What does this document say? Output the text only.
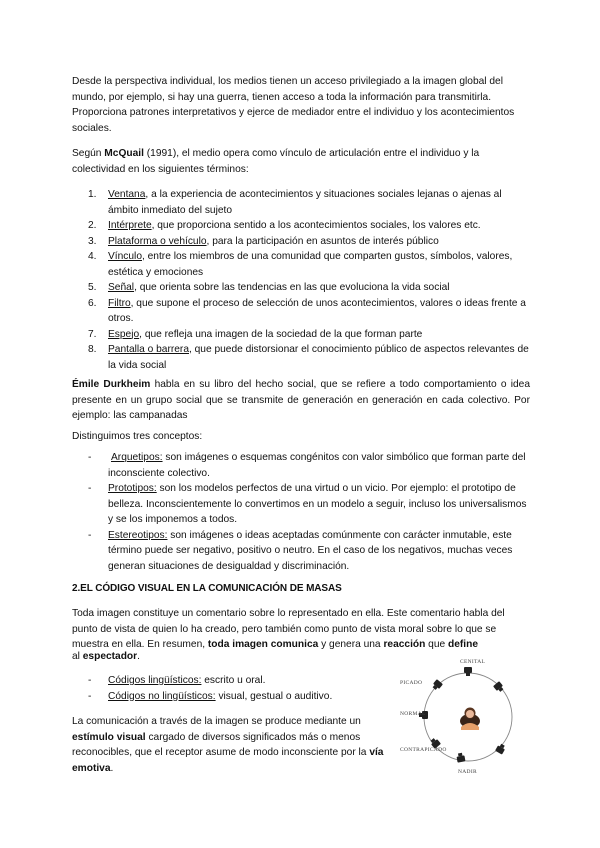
Desde la perspectiva individual, los medios tienen un acceso privilegiado a la imagen global del mundo, por ejemplo, si hay una guerra, tienen acceso a toda la información para transmitirla. Proporciona patrones interpretativos y ejerce de mediador entre el individuo y los acontecimientos sociales.

Según McQuail (1991), el medio opera como vínculo de articulación entre el individuo y la colectividad en los siguientes términos:

1.	Ventana, a la experiencia de acontecimientos y situaciones sociales lejanas o ajenas al ámbito inmediato del sujeto
2.	Intérprete, que proporciona sentido a los acontecimientos sociales, los valores etc.
3.	Plataforma o vehículo, para la participación en asuntos de interés público
4.	Vínculo, entre los miembros de una comunidad que comparten gustos, símbolos, valores, estética y emociones
5.	Señal, que orienta sobre las tendencias en las que evoluciona la vida social
6.	Filtro, que supone el proceso de selección de unos acontecimientos, valores o ideas frente a otros.
7.	Espejo, que refleja una imagen de la sociedad de la que forman parte
8.	Pantalla o barrera, que puede distorsionar el conocimiento público de aspectos relevantes de la vida social

Émile Durkheim habla en su libro del hecho social, que se refiere a todo comportamiento o idea presente en un grupo social que se transmite de generación en generación en cada colectivo. Por ejemplo: las campanadas

Distinguimos tres conceptos:

- Arquetipos: son imágenes o esquemas congénitos con valor simbólico que forman parte del inconsciente colectivo.
- Prototipos: son los modelos perfectos de una virtud o un vicio. Por ejemplo: el prototipo de belleza. Inconscientemente lo convertimos en un modelo a seguir, incluso los universalismos y se los imponemos a todos.
- Estereotipos: son imágenes o ideas aceptadas comúnmente con carácter inmutable, este término puede ser negativo, positivo o neutro. En el caso de los negativos, muchas veces generan situaciones de desigualdad y discriminación.
2.EL CÓDIGO VISUAL EN LA COMUNICACIÓN DE MASAS

Toda imagen constituye un comentario sobre lo representado en ella. Este comentario habla del punto de vista de quien lo ha creado, pero también como punto de vista moral sobre lo que se muestra en ella. En resumen, toda imagen comunica y genera una reacción que define

al espectador.

- Códigos lingüísticos: escrito u oral.
- Códigos no lingüísticos: visual, gestual o auditivo.

La comunicación a través de la imagen se produce mediante un estímulo visual cargado de diversos significados más o menos reconocibles, que el receptor asume de modo inconsciente por la vía emotiva.

CENITAL
PICADO
NORMAL
CONTRAPICADO
NADIR
